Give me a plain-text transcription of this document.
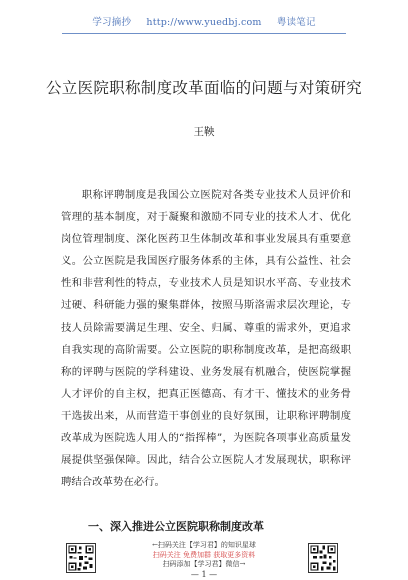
学习摘抄 http://www.yuedbj.com 粤读笔记
公立医院职称制度改革面临的问题与对策研究
王鞅

职称评聘制度是我国公立医院对各类专业技术人员评价和管理的基本制度，对于凝聚和激励不同专业的技术人才、优化岗位管理制度、深化医药卫生体制改革和事业发展具有重要意义。公立医院是我国医疗服务体系的主体，具有公益性、社会性和非营利性的特点，专业技术人员是知识水平高、专业技术过硬、科研能力强的聚集群体，按照马斯洛需求层次理论，专技人员除需要满足生理、安全、归属、尊重的需求外，更追求自我实现的高阶需要。公立医院的职称制度改革，是把高级职称的评聘与医院的学科建设、业务发展有机融合，使医院掌握人才评价的自主权，把真正医德高、有才干、懂技术的业务骨干选拔出来，从而营造干事创业的良好氛围，让职称评聘制度改革成为医院选人用人的“指挥棒”，为医院各项事业高质量发展提供坚强保障。因此，结合公立医院人才发展现状，职称评聘结合改革势在必行。

一、深入推进公立医院职称制度改革
←扫码关注【学习君】的知识星球
扫码关注 免费加群 获取更多资料
扫码添加【学习君】微信→
— 1 —
